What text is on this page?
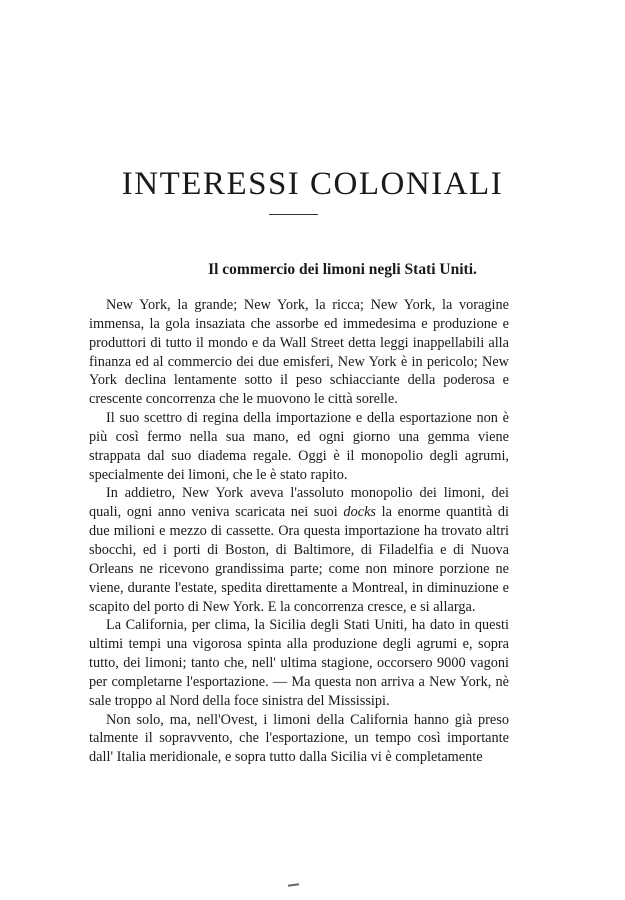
INTERESSI COLONIALI
Il commercio dei limoni negli Stati Uniti.

New York, la grande; New York, la ricca; New York, la voragine immensa, la gola insaziata che assorbe ed immedesima e produzione e produttori di tutto il mondo e da Wall Street detta leggi inappellabili alla finanza ed al commercio dei due emisferi, New York è in pericolo; New York declina lentamente sotto il peso schiacciante della poderosa e crescente concorrenza che le muovono le città sorelle.

Il suo scettro di regina della importazione e della esportazione non è più così fermo nella sua mano, ed ogni giorno una gemma viene strappata dal suo diadema regale. Oggi è il monopolio degli agrumi, specialmente dei limoni, che le è stato rapito.

In addietro, New York aveva l'assoluto monopolio dei limoni, dei quali, ogni anno veniva scaricata nei suoi docks la enorme quantità di due milioni e mezzo di cassette. Ora questa importazione ha trovato altri sbocchi, ed i porti di Boston, di Baltimore, di Filadelfia e di Nuova Orleans ne ricevono grandissima parte; come non minore porzione ne viene, durante l'estate, spedita direttamente a Montreal, in diminuzione e scapito del porto di New York. E la concorrenza cresce, e si allarga.

La California, per clima, la Sicilia degli Stati Uniti, ha dato in questi ultimi tempi una vigorosa spinta alla produzione degli agrumi e, sopra tutto, dei limoni; tanto che, nell' ultima stagione, occorsero 9000 vagoni per completarne l'esportazione. — Ma questa non arriva a New York, nè sale troppo al Nord della foce sinistra del Mississipi.

Non solo, ma, nell'Ovest, i limoni della California hanno già preso talmente il sopravvento, che l'esportazione, un tempo così importante dall' Italia meridionale, e sopra tutto dalla Sicilia vi è completamente
